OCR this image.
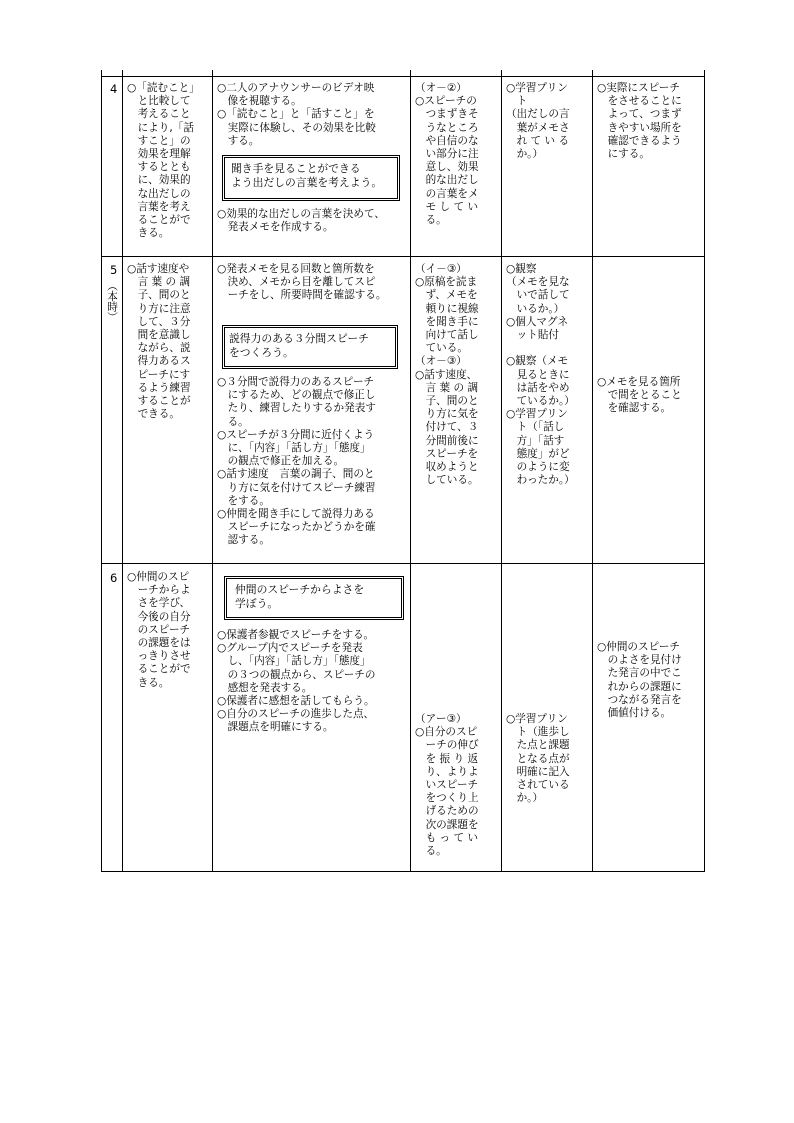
4 ○「読むこと」
　と比較して
　考えること
　により,「話
　すこと」の
　効果を理解
　するととも
　に、効果的
　な出だしの
　言葉を考え
　ることがで
　きる。
○二人のアナウンサーのビデオ映
　像を視聴する。
○「読むこと」と「話すこと」を
　実際に体験し、その効果を比較
　する。
聞き手を見ることができる
よう出だしの言葉を考えよう。
○効果的な出だしの言葉を決めて、
　発表メモを作成する。
（オ－②）
○スピーチの
　つまずきそ
　うなところ
　や自信のな
　い部分に注
　意し、効果
　的な出だし
　の言葉をメ
　モ し て い
　る。
○学習プリン
　ト
（出だしの言
　葉がメモさ
　れ て い る
　か。）
○実際にスピーチ
　をさせることに
　よって、つまず
　きやすい場所を
　確認できるよう
　にする。
5
（本時）
○話す速度や
　言 葉 の 調
　子、間のと
　り方に注意
　して、３分
　間を意識し
　ながら、説
　得力あるス
　ピーチにす
　るよう練習
　することが
　できる。
○発表メモを見る回数と箇所数を
　決め、メモから目を離してスピ
　ーチをし、所要時間を確認する。
説得力のある３分間スピーチ
をつくろう。
○３分間で説得力のあるスピーチ
　にするため、どの観点で修正し
　たり、練習したりするか発表す
　る。
○スピーチが３分間に近付くよう
　に、「内容」「話し方」「態度」
　の観点で修正を加える。
○話す速度　言葉の調子、間のと
　り方に気を付けてスピーチ練習
　をする。
○仲間を聞き手にして説得力ある
　スピーチになったかどうかを確
　認する。
（イ－③）
○原稿を読ま
　ず、メモを
　頼りに視線
　を聞き手に
　向けて話し
　ている。
（オ－③）
○話す速度、
　言 葉 の 調
　子、間のと
　り方に気を
　付けて、３
　分間前後に
　スピーチを
　収めようと
　している。
○観察
（メモを見な
　いで話して
　いるか。）
○個人マグネ
　ット貼付

○観察（メモ
　見るときに
　は話をやめ
　ているか。）
○学習プリン
　ト（「話し
　方」「話す
　態度」がど
　のように変
　わったか。）
○メモを見る箇所
　で間をとること
　を確認する。
6 ○仲間のスピ
　ーチからよ
　さを学び、
　今後の自分
　のスピーチ
　の課題をは
　っきりさせ
　ることがで
　きる。
仲間のスピーチからよさを
学ぼう。
○保護者参観でスピーチをする。
○グループ内でスピーチを発表
　し、「内容」「話し方」「態度」
　の３つの観点から、スピーチの
　感想を発表する。
○保護者に感想を話してもらう。
○自分のスピーチの進歩した点、
　課題点を明確にする。
（アー③）
○自分のスピ
　ーチの伸び
　を 振 り 返
　り、よりよ
　いスピーチ
　をつくり上
　げるための
　次の課題を
　も っ て い
　る。
○学習プリン
　ト（進歩し
　た点と課題
　となる点が
　明確に記入
　されている
　か。）
○仲間のスピーチ
　のよさを見付け
　た発言の中でこ
　れからの課題に
　つながる発言を
　価値付ける。
